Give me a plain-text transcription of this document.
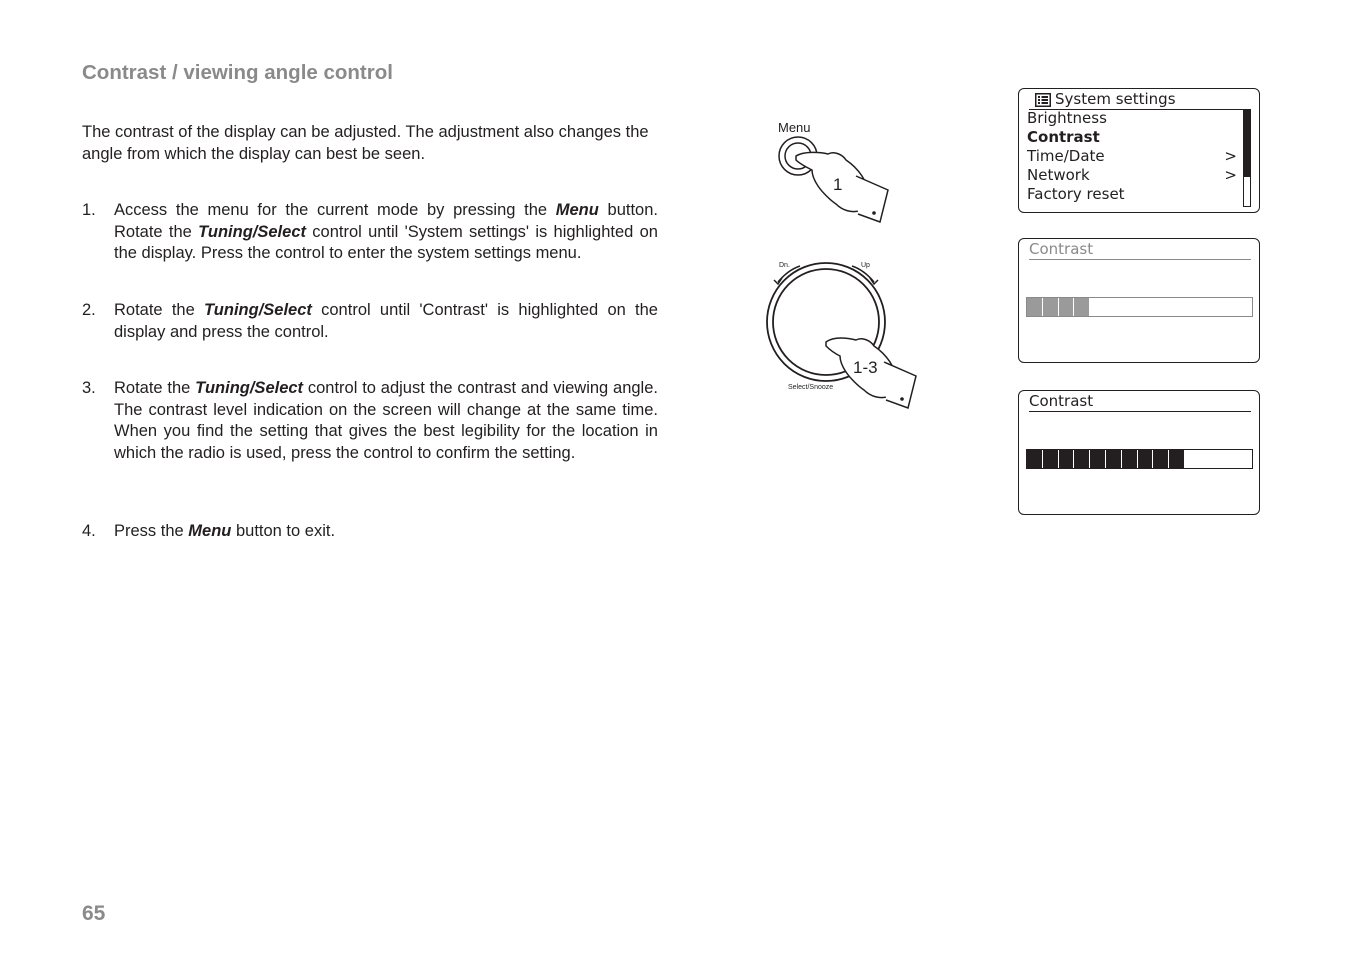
Contrast / viewing angle control
The contrast of the display can be adjusted. The adjustment also changes the angle from which the display can best be seen.
1. Access the menu for the current mode by pressing the Menu button. Rotate the Tuning/Select control until 'System settings' is highlighted on the display. Press the control to enter the system settings menu.
2. Rotate the Tuning/Select control until 'Contrast' is highlighted on the display and press the control.
3. Rotate the Tuning/Select control to adjust the contrast and viewing angle. The contrast level indication on the screen will change at the same time. When you find the setting that gives the best legibility for the location in which the radio is used, press the control to confirm the setting.
4. Press the Menu button to exit.
65
Menu
1
Dn.	Up
1-3
Select/Snooze
System settings
Brightness
Contrast
Time/Date	>
Network	>
Factory reset
Contrast
Contrast
